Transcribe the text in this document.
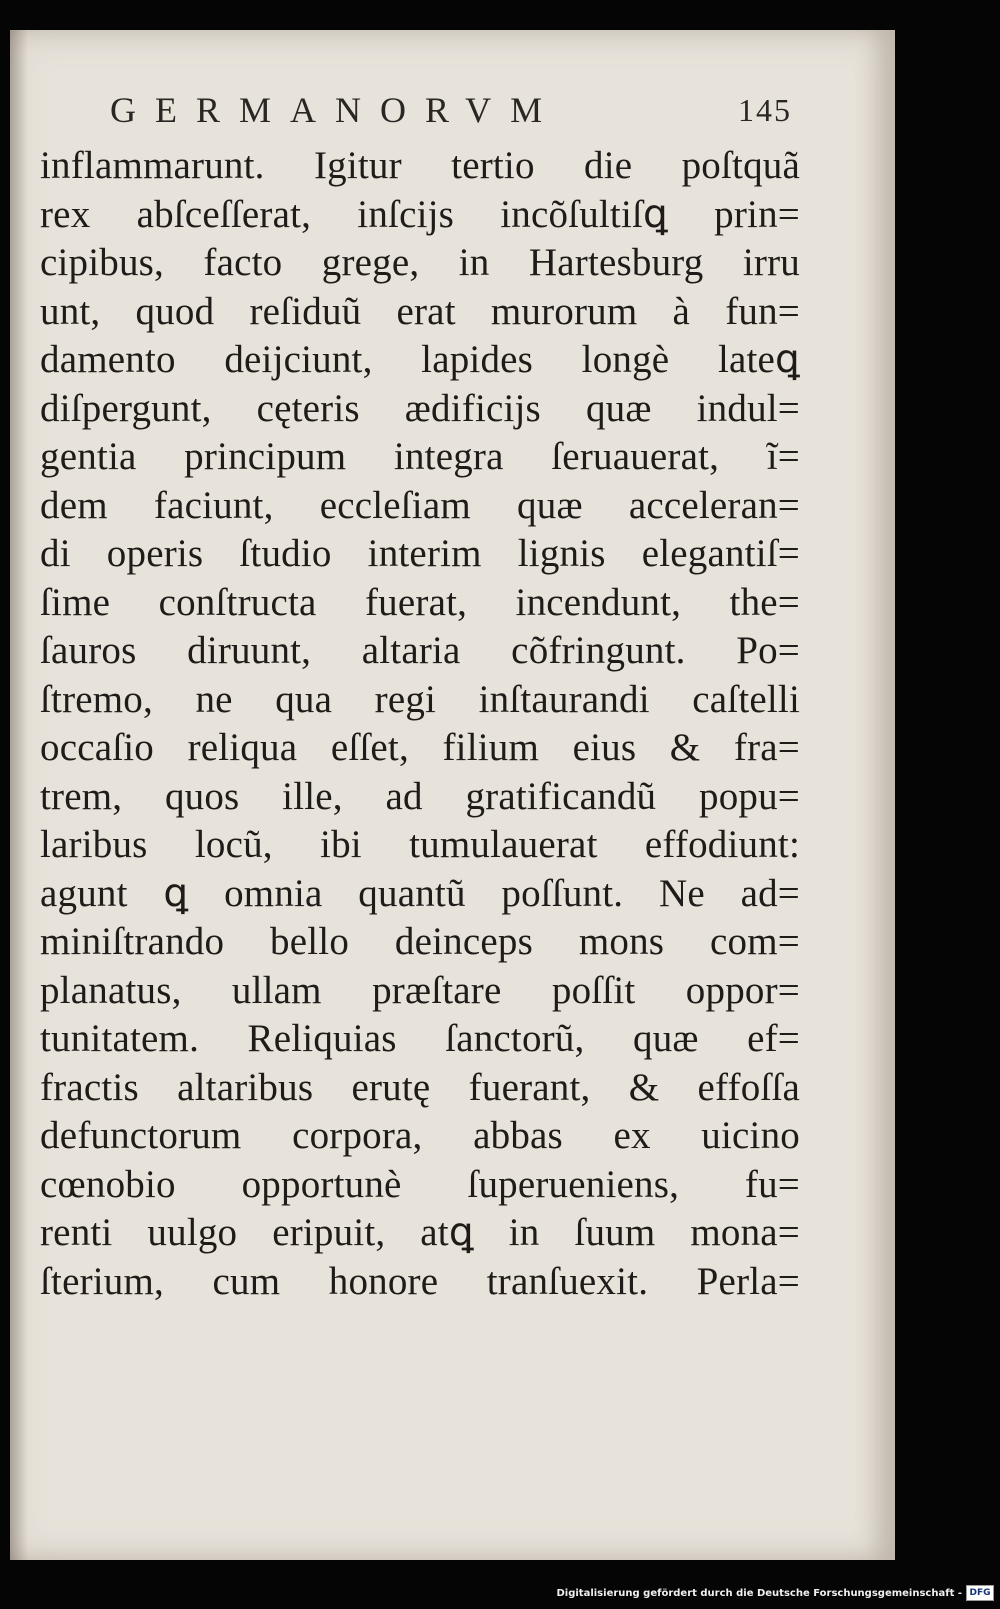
GERMANORVM	145
inflammarunt. Igitur tertio die poſtquã
rex abſceſſerat, inſcijs incõſultiſꝗ prin=
cipibus, facto grege, in Hartesburg irru
unt, quod reſiduũ erat murorum à fun=
damento deijciunt, lapides longè lateꝗ
diſpergunt, cęteris ædificijs quæ indul=
gentia principum integra ſeruauerat, ĩ=
dem faciunt, eccleſiam quæ acceleran=
di operis ſtudio interim lignis elegantiſ=
ſime conſtructa fuerat, incendunt, the=
ſauros diruunt, altaria cõfringunt. Po=
ſtremo, ne qua regi inſtaurandi caſtelli
occaſio reliqua eſſet, filium eius & fra=
trem, quos ille, ad gratificandũ popu=
laribus locũ, ibi tumulauerat effodiunt:
agunt ꝗ omnia quantũ poſſunt. Ne ad=
miniſtrando bello deinceps mons com=
planatus, ullam præſtare poſſit oppor=
tunitatem. Reliquias ſanctorũ, quæ ef=
fractis altaribus erutę fuerant, & effoſſa
defunctorum corpora, abbas ex uicino
cœnobio opportunè ſuperueniens, fu=
renti uulgo eripuit, atꝗ in ſuum mona=
ſterium, cum honore tranſuexit. Perla=
Digitalisierung gefördert durch die Deutsche Forschungsgemeinschaft - DFG
